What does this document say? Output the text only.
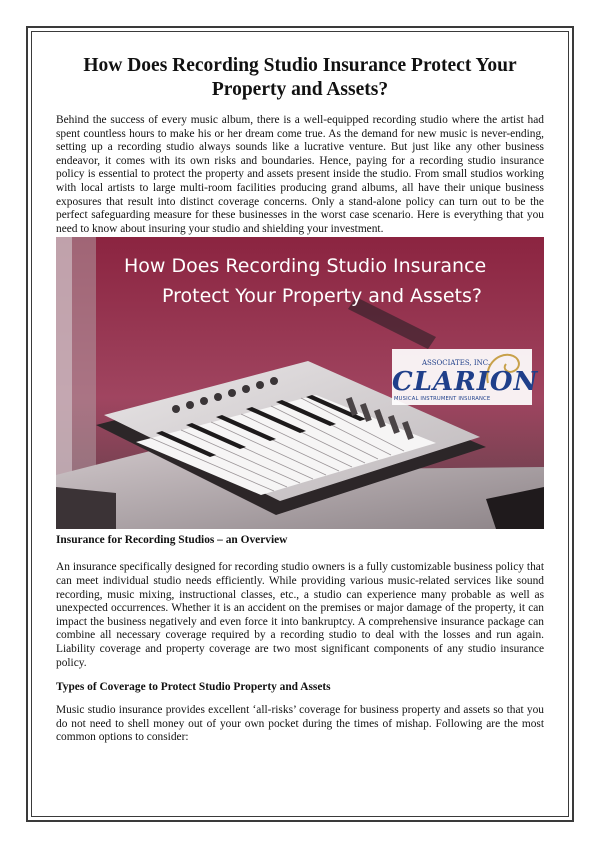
How Does Recording Studio Insurance Protect Your Property and Assets?

Behind the success of every music album, there is a well-equipped recording studio where the artist had spent countless hours to make his or her dream come true. As the demand for new music is never-ending, setting up a recording studio always sounds like a lucrative venture. But just like any other business endeavor, it comes with its own risks and boundaries. Hence, paying for a recording studio insurance policy is essential to protect the property and assets present inside the studio. From small studios working with local artists to large multi-room facilities producing grand albums, all have their unique business exposures that result into distinct coverage concerns. Only a stand-alone policy can turn out to be the perfect safeguarding measure for these businesses in the worst case scenario. Here is everything that you need to know about insuring your studio and shielding your investment.

How Does Recording Studio Insurance
Protect Your Property and Assets?
ASSOCIATES, INC.
CLARION
MUSICAL INSTRUMENT INSURANCE
Insurance for Recording Studios – an Overview

An insurance specifically designed for recording studio owners is a fully customizable business policy that can meet individual studio needs efficiently. While providing various music-related services like sound recording, music mixing, instructional classes, etc., a studio can experience many probable as well as unexpected occurrences. Whether it is an accident on the premises or major damage of the property, it can impact the business negatively and even force it into bankruptcy. A comprehensive insurance package can combine all necessary coverage required by a recording studio to deal with the losses and run again. Liability coverage and property coverage are two most significant components of any studio insurance policy.

Types of Coverage to Protect Studio Property and Assets

Music studio insurance provides excellent ‘all-risks’ coverage for business property and assets so that you do not need to shell money out of your own pocket during the times of mishap. Following are the most common options to consider:
